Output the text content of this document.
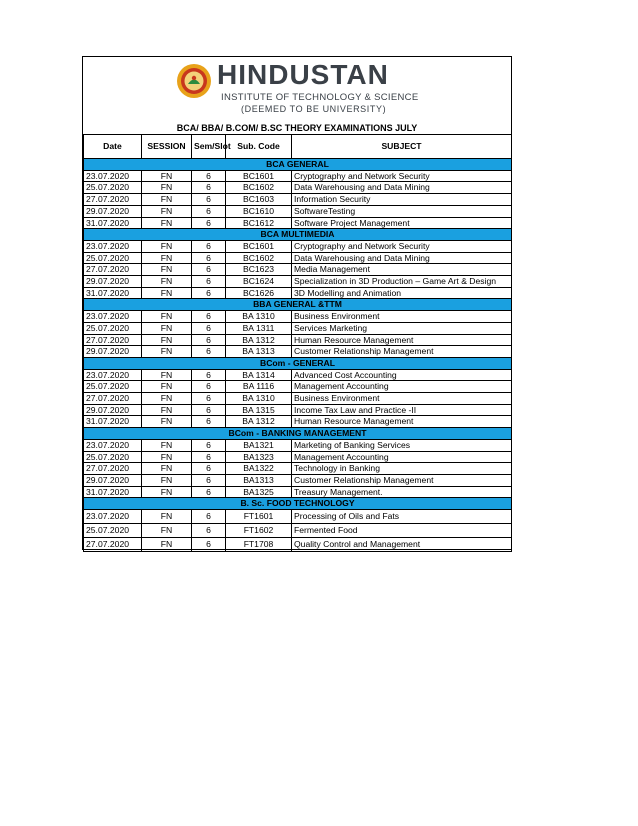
HINDUSTAN
INSTITUTE OF TECHNOLOGY & SCIENCE
(DEEMED TO BE UNIVERSITY)
BCA/ BBA/ B.COM/ B.SC THEORY EXAMINATIONS JULY
Date	SESSION	Sem/Slot	Sub. Code	SUBJECT
BCA GENERAL				
23.07.2020	FN	6	BC1601	Cryptography and Network Security
25.07.2020	FN	6	BC1602	Data Warehousing and Data Mining
27.07.2020	FN	6	BC1603	Information Security
29.07.2020	FN	6	BC1610	SoftwareTesting
31.07.2020	FN	6	BC1612	Software Project Management
BCA MULTIMEDIA				
23.07.2020	FN	6	BC1601	Cryptography and Network Security
25.07.2020	FN	6	BC1602	Data Warehousing and Data Mining
27.07.2020	FN	6	BC1623	Media Management
29.07.2020	FN	6	BC1624	Specialization in 3D Production – Game Art & Design
31.07.2020	FN	6	BC1626	3D Modelling and Animation
BBA GENERAL &TTM				
23.07.2020	FN	6	BA 1310	Business Environment
25.07.2020	FN	6	BA 1311	Services Marketing
27.07.2020	FN	6	BA 1312	Human Resource Management
29.07.2020	FN	6	BA 1313	Customer Relationship Management
BCom - GENERAL				
23.07.2020	FN	6	BA 1314	Advanced Cost Accounting
25.07.2020	FN	6	BA 1116	Management Accounting
27.07.2020	FN	6	BA 1310	Business Environment
29.07.2020	FN	6	BA 1315	Income Tax Law and Practice -II
31.07.2020	FN	6	BA 1312	Human Resource Management
BCom - BANKING MANAGEMENT				
23.07.2020	FN	6	BA1321	Marketing of Banking Services
25.07.2020	FN	6	BA1323	Management Accounting
27.07.2020	FN	6	BA1322	Technology in Banking
29.07.2020	FN	6	BA1313	Customer Relationship Management
31.07.2020	FN	6	BA1325	Treasury Management.
B. Sc. FOOD TECHNOLOGY				
23.07.2020	FN	6	FT1601	Processing of Oils and Fats
25.07.2020	FN	6	FT1602	Fermented Food
27.07.2020	FN	6	FT1708	Quality Control and Management
